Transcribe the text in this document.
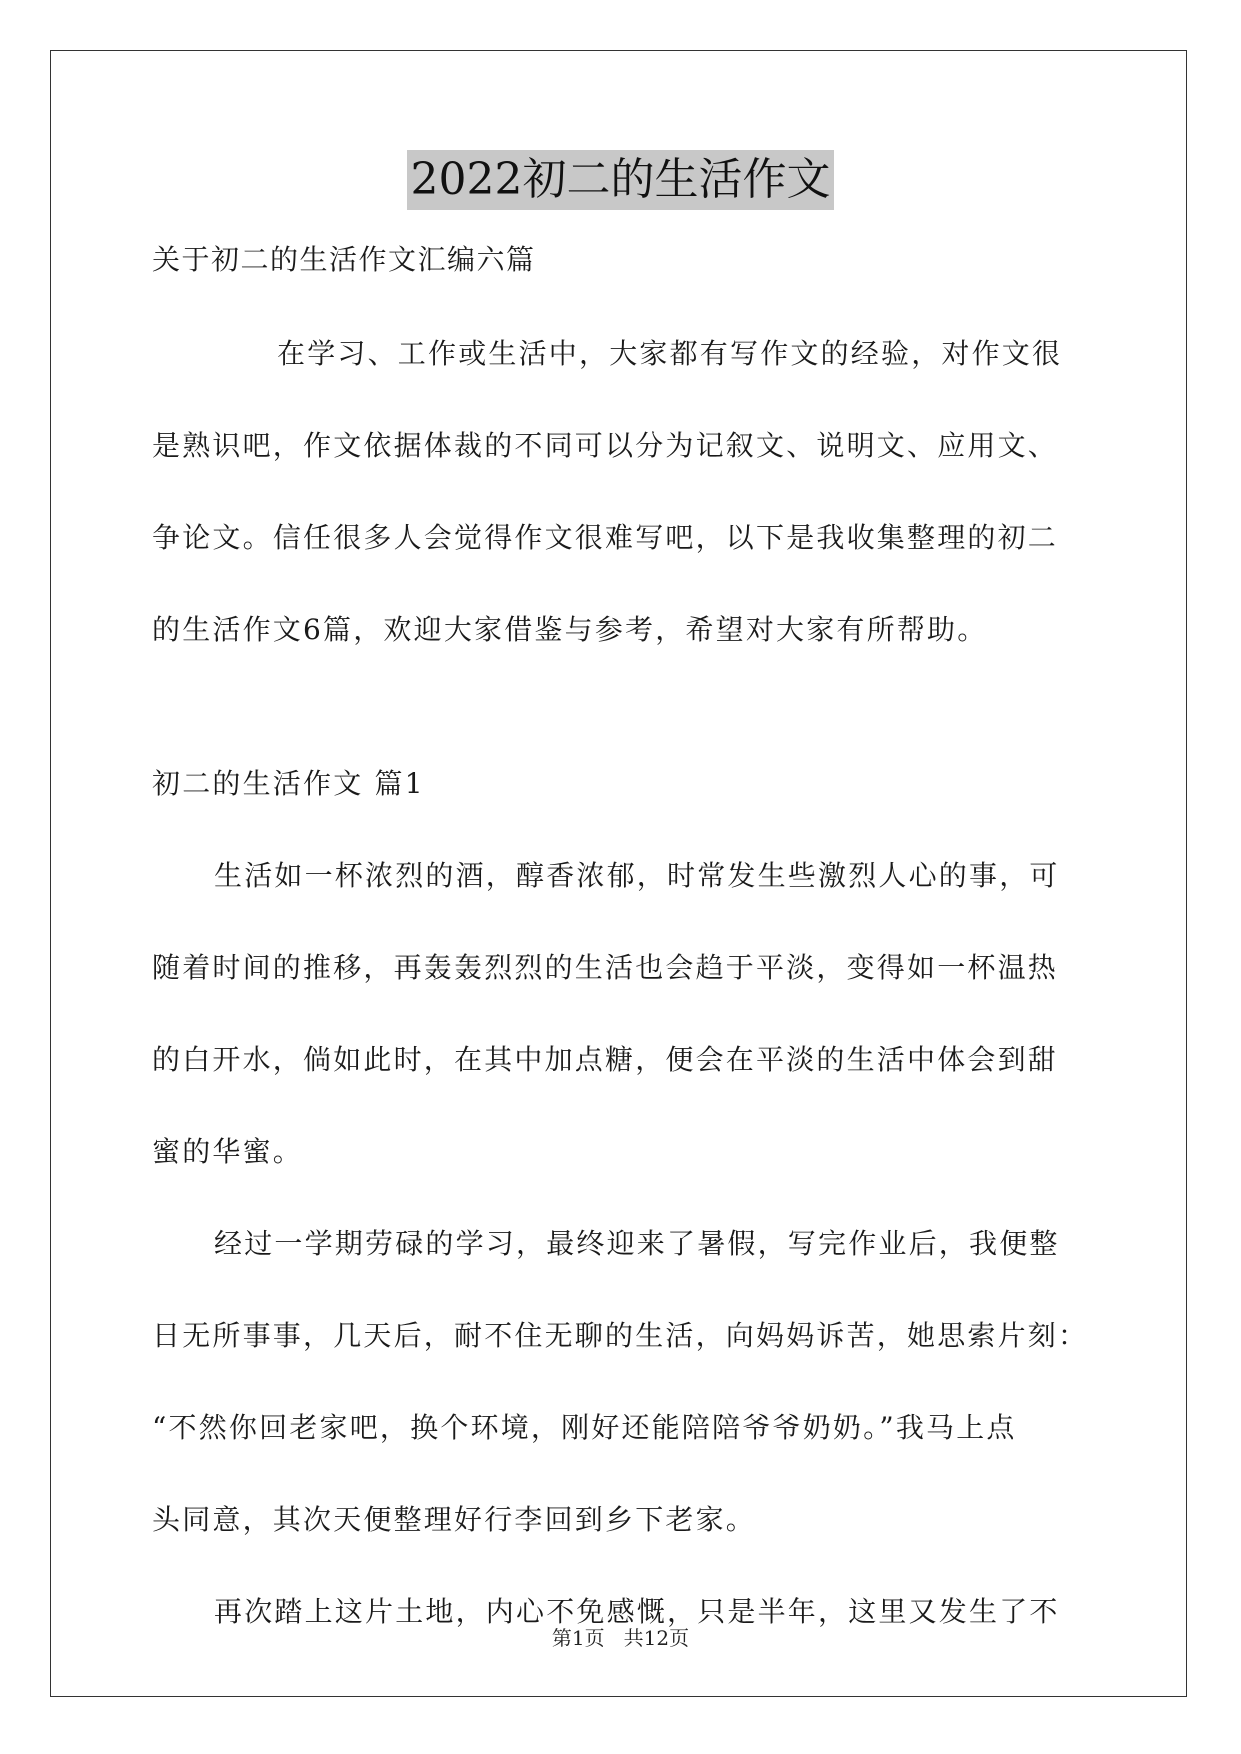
2022初二的生活作文
关于初二的生活作文汇编六篇
在学习、工作或生活中，大家都有写作文的经验，对作文很
是熟识吧，作文依据体裁的不同可以分为记叙文、说明文、应用文、
争论文。信任很多人会觉得作文很难写吧，以下是我收集整理的初二
的生活作文6篇，欢迎大家借鉴与参考，希望对大家有所帮助。
初二的生活作文 篇1
生活如一杯浓烈的酒，醇香浓郁，时常发生些激烈人心的事，可
随着时间的推移，再轰轰烈烈的生活也会趋于平淡，变得如一杯温热
的白开水，倘如此时，在其中加点糖，便会在平淡的生活中体会到甜
蜜的华蜜。
经过一学期劳碌的学习，最终迎来了暑假，写完作业后，我便整
日无所事事，几天后，耐不住无聊的生活，向妈妈诉苦，她思索片刻：
“不然你回老家吧，换个环境，刚好还能陪陪爷爷奶奶。”我马上点
头同意，其次天便整理好行李回到乡下老家。
再次踏上这片土地，内心不免感慨，只是半年，这里又发生了不
第1页   共12页
